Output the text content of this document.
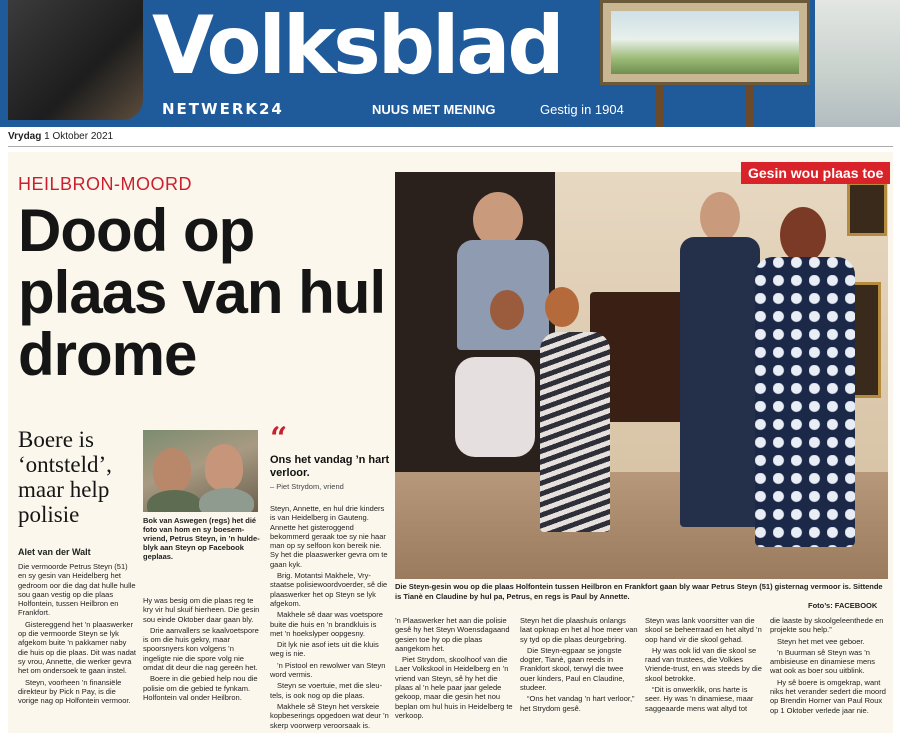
Volksblad
NETWERK24	NUUS MET MENING	Gestig in 1904
Vrydag 1 Oktober 2021
HEILBRON-MOORD
Dood op plaas van hul drome
Boere is ‘ontsteld’, maar help polisie
Alet van der Walt
Bok van Aswegen (regs) het dié foto van hom en sy boesemvriend, Petrus Steyn, in ’n huldeblyk aan Steyn op Facebook geplaas.
“
Ons het vandag ’n hart verloor.
– Piet Strydom, vriend
Gesin wou plaas toe
Die Steyn-gesin wou op die plaas Holfontein tussen Heilbron en Frankfort gaan bly waar Petrus Steyn (51) gisternag vermoor is. Sittende is Tianè en Claudine by hul pa, Petrus, en regs is Paul by Annette.
Foto’s: FACEBOOK

Die vermoorde Petrus Steyn (51) en sy gesin van Heidelberg het gedroom oor die dag dat hulle hulle sou gaan vestig op die plaas Holfontein, tussen Heilbron en Frankfort.

Gistereggend het ’n plaaswerker op die vermoorde Steyn se lyk afgekom buite ’n pakkamer naby die huis op die plaas. Dit was nadat sy vrou, Annette, die werker gevra het om ondersoek te gaan instel.

Steyn, voorheen ’n finansiële direkteur by Pick n Pay, is die vorige nag op Holfontein vermoor.

Hy was besig om die plaas reg te kry vir hul skuif hierheen. Die gesin sou einde Oktober daar gaan bly.

Drie aanvallers se kaalvoetspore is om die huis gekry, maar spoorsnyers kon volgens ’n ingeligte nie die spore volg nie omdat dit deur die nag gereën het.

Boere in die gebied help nou die polisie om die gebied te fynkam. Holfontein val onder Heilbron.

Steyn, Annette, en hul drie kinders is van Heidelberg in Gauteng. Annette het gisteroggend bekommerd geraak toe sy nie haar man op sy selfoon kon bereik nie. Sy het die plaaswerker gevra om te gaan kyk.

Brig. Motantsi Makhele, Vrystaatse polisiewoordvoerder, sê die plaaswerker het op Steyn se lyk afgekom.

Makhele sê daar was voetspore buite die huis en ’n brandkluis is met ’n hoekslyper oopgesny.

Dit lyk nie asof iets uit die kluis weg is nie.

’n Pistool en rewolwer van Steyn word vermis.

Steyn se voertuie, met die sleutels, is ook nog op die plaas.

Makhele sê Steyn het verskeie kopbeserings opgedoen wat deur ’n skerp voorwerp veroorsaak is.

’n Plaaswerker het aan die polisie gesê hy het Steyn Woensdagaand gesien toe hy op die plaas aangekom het.

Piet Strydom, skoolhoof van die Laer Volkskool in Heidelberg en ’n vriend van Steyn, sê hy het die plaas al ’n hele paar jaar gelede gekoop, maar die gesin het nou beplan om hul huis in Heidelberg te verkoop.

Steyn het die plaashuis onlangs laat opknap en het al hoe meer van sy tyd op die plaas deurgebring.

Die Steyn-egpaar se jongste dogter, Tianè, gaan reeds in Frankfort skool, terwyl die twee ouer kinders, Paul en Claudine, studeer.

“Ons het vandag ’n hart verloor,” het Strydom gesê.

Steyn was lank voorsitter van die skool se beheerraad en het altyd ’n oop hand vir die skool gehad.

Hy was ook lid van die skool se raad van trustees, die Volkies Vriende-trust, en was steeds by die skool betrokke.

“Dit is onwerklik, ons harte is seer. Hy was ’n dinamiese, maar saggeaarde mens wat altyd tot

die laaste by skoolgeleenthede en projekte sou help.”

Steyn het met vee geboer.

’n Buurman sê Steyn was ’n ambisieuse en dinamiese mens wat ook as boer sou uitblink.

Hy sê boere is omgekrap, want niks het verander sedert die moord op Brendin Horner van Paul Roux op 1 Oktober verlede jaar nie.
